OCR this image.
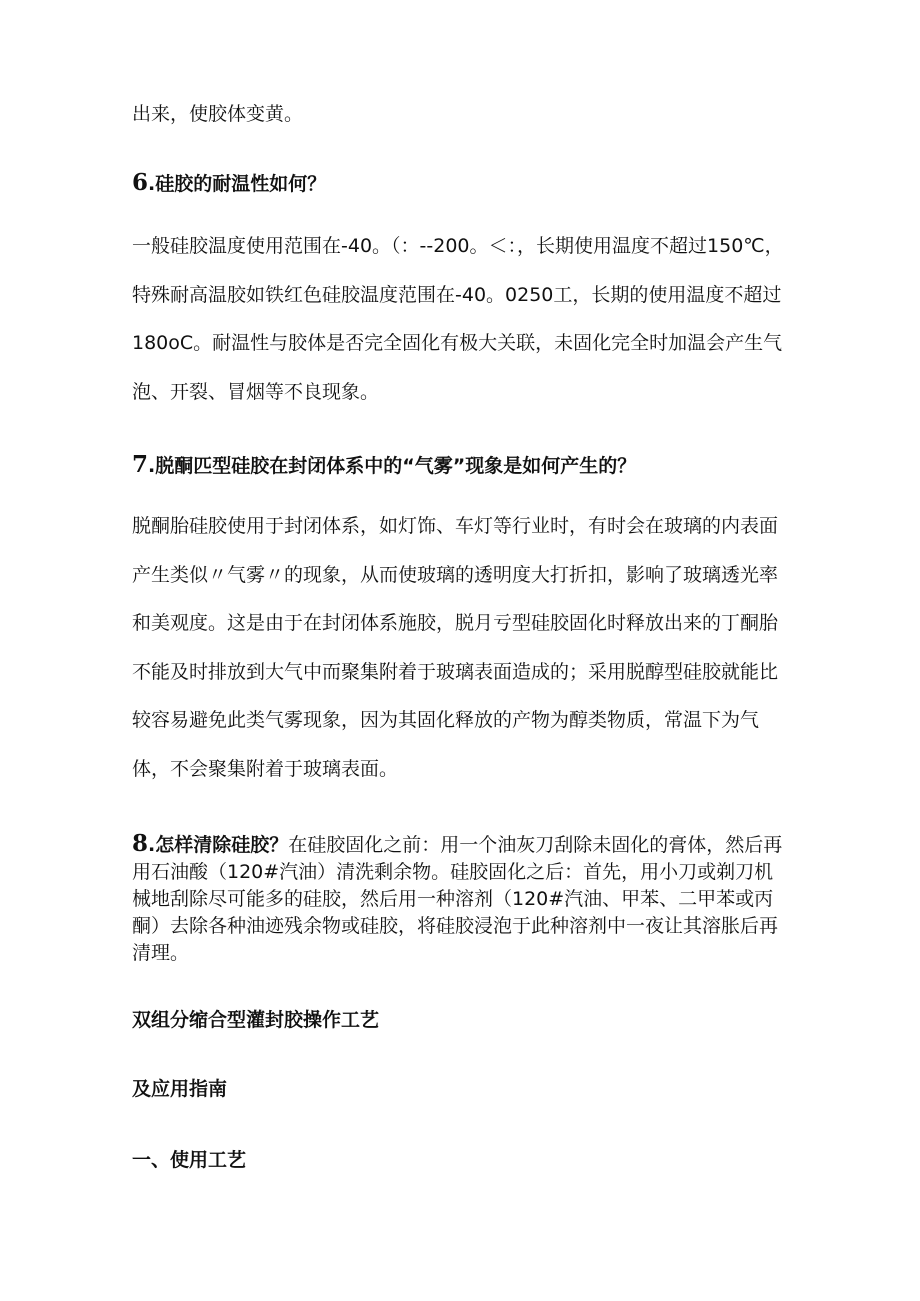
出来，使胶体变黄。

6.硅胶的耐温性如何？

一般硅胶温度使用范围在-40。（：--200。＜：，长期使用温度不超过150℃，特殊耐高温胶如铁红色硅胶温度范围在-40。0250工，长期的使用温度不超过180oC。耐温性与胶体是否完全固化有极大关联，未固化完全时加温会产生气泡、开裂、冒烟等不良现象。

7.脱酮匹型硅胶在封闭体系中的“气雾”现象是如何产生的？

脱酮胎硅胶使用于封闭体系，如灯饰、车灯等行业时，有时会在玻璃的内表面产生类似〃气雾〃的现象，从而使玻璃的透明度大打折扣，影响了玻璃透光率和美观度。这是由于在封闭体系施胶，脱月亏型硅胶固化时释放出来的丁酮胎不能及时排放到大气中而聚集附着于玻璃表面造成的；采用脱醇型硅胶就能比较容易避免此类气雾现象，因为其固化释放的产物为醇类物质，常温下为气体，不会聚集附着于玻璃表面。

8.怎样清除硅胶？在硅胶固化之前：用一个油灰刀刮除未固化的膏体，然后再用石油酸（120#汽油）清洗剩余物。硅胶固化之后：首先，用小刀或剃刀机械地刮除尽可能多的硅胶，然后用一种溶剂（120#汽油、甲苯、二甲苯或丙酮）去除各种油迹残余物或硅胶，将硅胶浸泡于此种溶剂中一夜让其溶胀后再清理。

双组分缩合型灌封胶操作工艺
及应用指南
一、使用工艺
